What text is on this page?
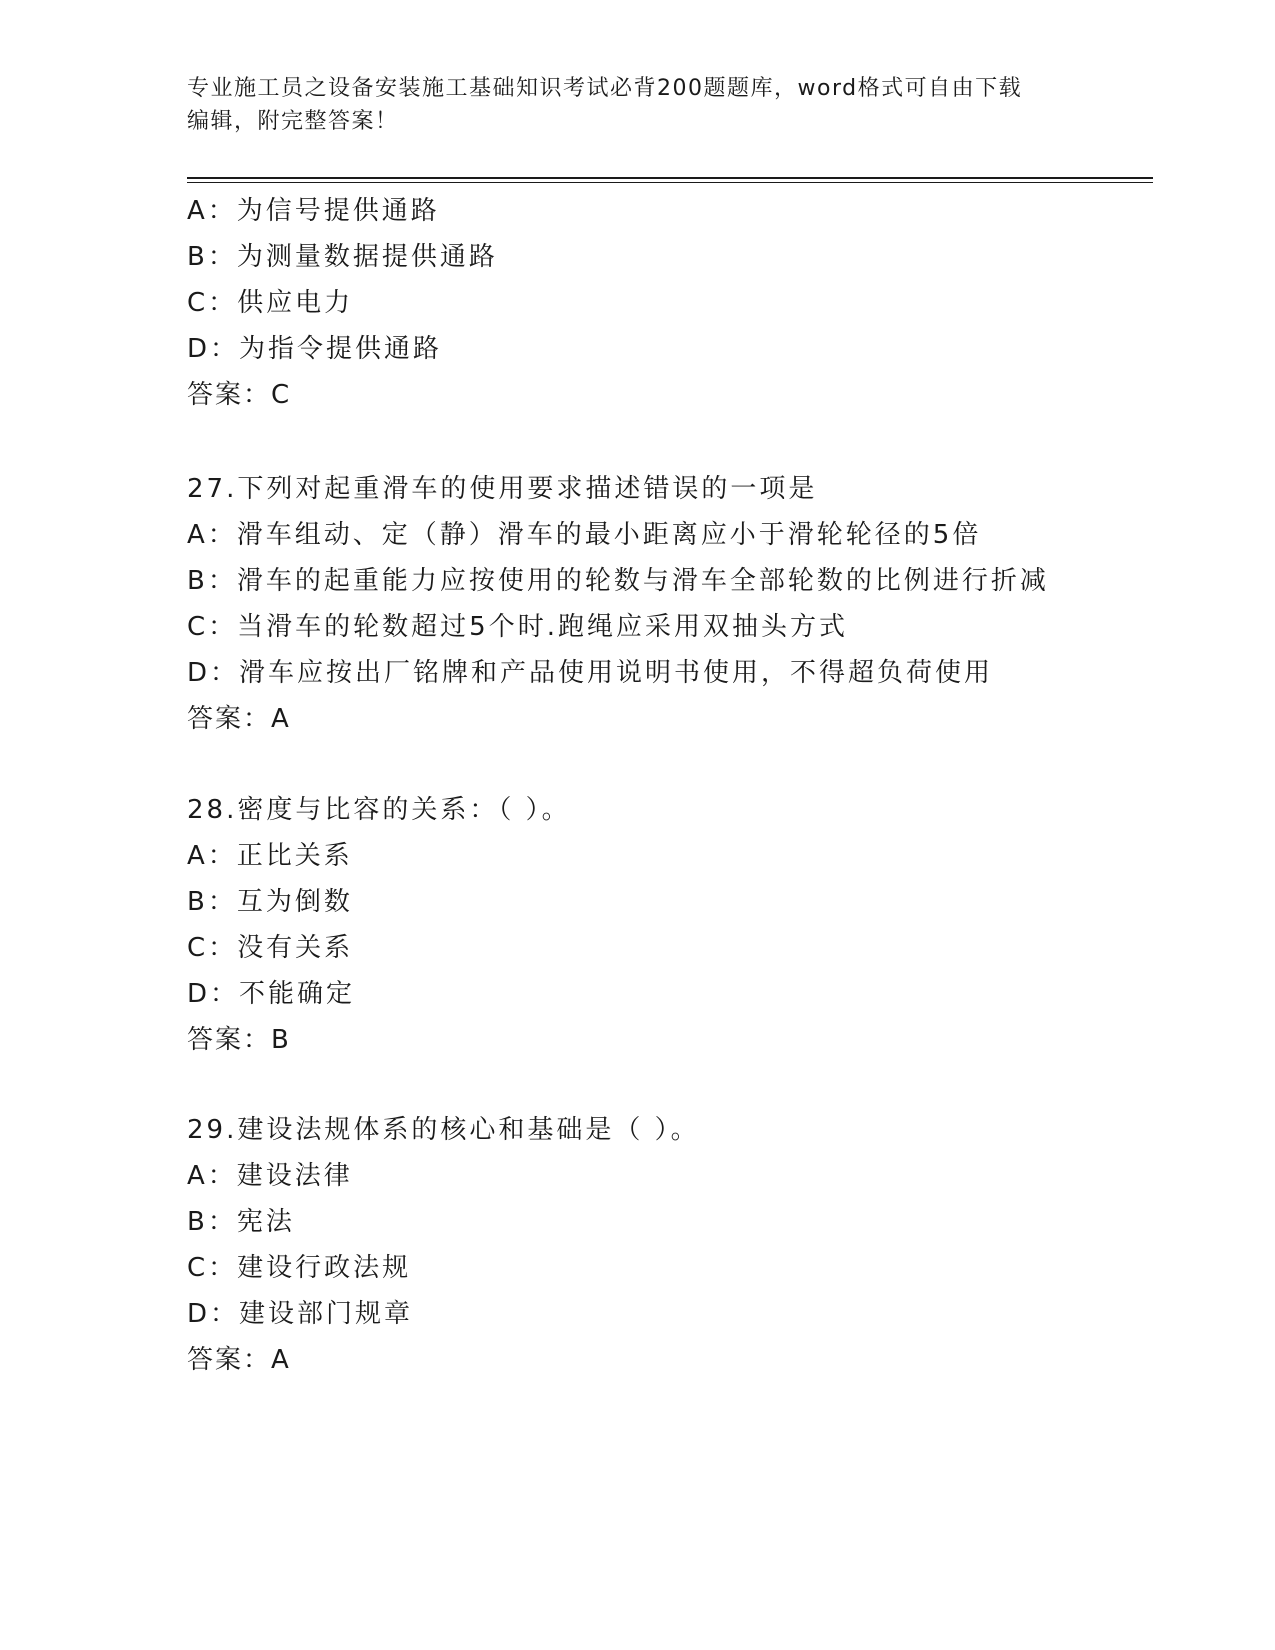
专业施工员之设备安装施工基础知识考试必背200题题库，word格式可自由下载
编辑，附完整答案！

A：为信号提供通路

B：为测量数据提供通路

C：供应电力

D：为指令提供通路

答案：C

27.下列对起重滑车的使用要求描述错误的一项是

A：滑车组动、定（静）滑车的最小距离应小于滑轮轮径的5倍

B：滑车的起重能力应按使用的轮数与滑车全部轮数的比例进行折减

C：当滑车的轮数超过5个时.跑绳应采用双抽头方式

D：滑车应按出厂铭牌和产品使用说明书使用，不得超负荷使用

答案：A

28.密度与比容的关系：（ ）。

A：正比关系

B：互为倒数

C：没有关系

D：不能确定

答案：B

29.建设法规体系的核心和基础是（ ）。

A：建设法律

B：宪法

C：建设行政法规

D：建设部门规章

答案：A
